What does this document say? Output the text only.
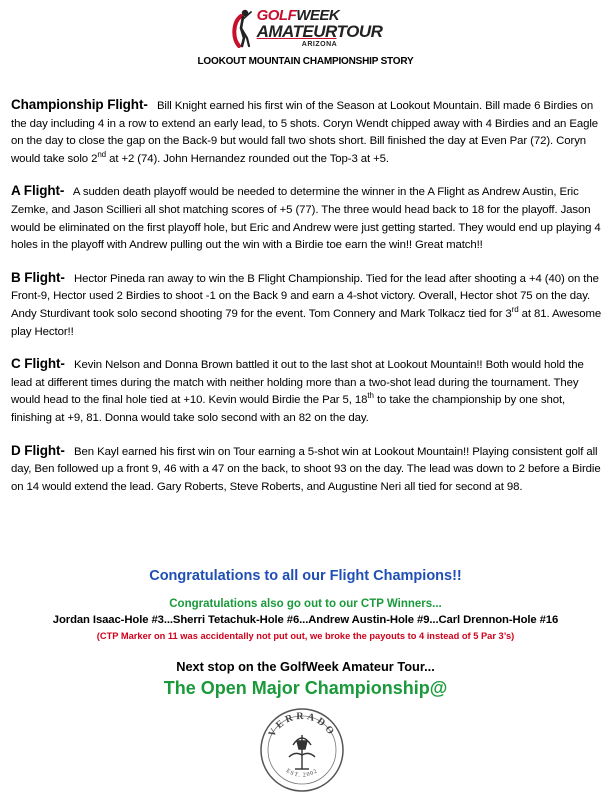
GOLFWEEK
AMATEURTOUR
ARIZONA
LOOKOUT MOUNTAIN CHAMPIONSHIP STORY

Championship Flight- Bill Knight earned his first win of the Season at Lookout Mountain. Bill made 6 Birdies on the day including 4 in a row to extend an early lead, to 5 shots. Coryn Wendt chipped away with 4 Birdies and an Eagle on the day to close the gap on the Back-9 but would fall two shots short. Bill finished the day at Even Par (72). Coryn would take solo 2nd at +2 (74). John Hernandez rounded out the Top-3 at +5.

A Flight- A sudden death playoff would be needed to determine the winner in the A Flight as Andrew Austin, Eric Zemke, and Jason Scillieri all shot matching scores of +5 (77). The three would head back to 18 for the playoff. Jason would be eliminated on the first playoff hole, but Eric and Andrew were just getting started. They would end up playing 4 holes in the playoff with Andrew pulling out the win with a Birdie toe earn the win!! Great match!!

B Flight- Hector Pineda ran away to win the B Flight Championship. Tied for the lead after shooting a +4 (40) on the Front-9, Hector used 2 Birdies to shoot -1 on the Back 9 and earn a 4-shot victory. Overall, Hector shot 75 on the day. Andy Sturdivant took solo second shooting 79 for the event. Tom Connery and Mark Tolkacz tied for 3rd at 81. Awesome play Hector!!

C Flight- Kevin Nelson and Donna Brown battled it out to the last shot at Lookout Mountain!! Both would hold the lead at different times during the match with neither holding more than a two-shot lead during the tournament. They would head to the final hole tied at +10. Kevin would Birdie the Par 5, 18th to take the championship by one shot, finishing at +9, 81. Donna would take solo second with an 82 on the day.

D Flight- Ben Kayl earned his first win on Tour earning a 5-shot win at Lookout Mountain!! Playing consistent golf all day, Ben followed up a front 9, 46 with a 47 on the back, to shoot 93 on the day. The lead was down to 2 before a Birdie on 14 would extend the lead. Gary Roberts, Steve Roberts, and Augustine Neri all tied for second at 98.

Congratulations to all our Flight Champions!!
Congratulations also go out to our CTP Winners...
Jordan Isaac-Hole #3...Sherri Tetachuk-Hole #6...Andrew Austin-Hole #9...Carl Drennon-Hole #16
(CTP Marker on 11 was accidentally not put out, we broke the payouts to 4 instead of 5 Par 3’s)
Next stop on the GolfWeek Amateur Tour...
The Open Major Championship@
VERRADO
EST. 2002
